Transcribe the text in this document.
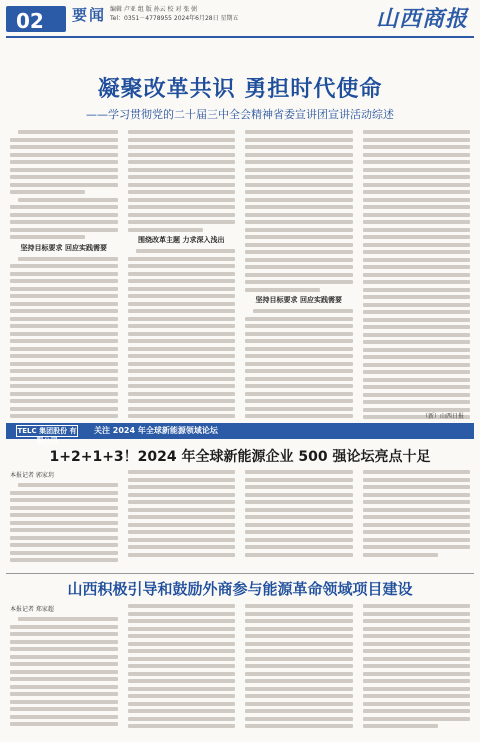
02 要闻 编辑 卢亚 组 版 孙云 校 对 张 弼
Tel：0351－4778955 2024年6月28日 星期五	山西商报
凝聚改革共识 勇担时代使命
——学习贯彻党的二十届三中全会精神省委宣讲团宣讲活动综述
坚持目标要求 回应实践需要
围绕改革主题 力求深入浅出
坚持目标要求 回应实践需要
（新）山西日报
TELC 集团股份 有限公司
关注 2024 年全球新能源领域论坛
1+2+1+3！2024 年全球新能源企业 500 强论坛亮点十足
本报记者 郭家玥
山西积极引导和鼓励外商参与能源革命领域项目建设
本报记者 郑家超
